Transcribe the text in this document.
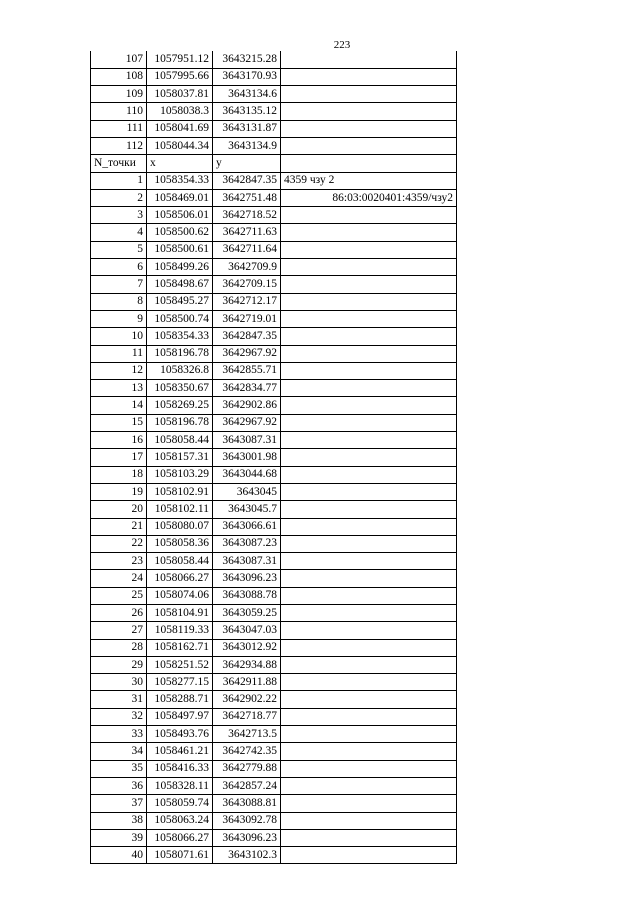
223
107	1057951.12	3643215.28	
108	1057995.66	3643170.93	
109	1058037.81	3643134.6	
110	1058038.3	3643135.12	
111	1058041.69	3643131.87	
112	1058044.34	3643134.9	
N_точки	x	y	
1	1058354.33	3642847.35	4359 чзу 2
2	1058469.01	3642751.48	86:03:0020401:4359/чзу2
3	1058506.01	3642718.52	
4	1058500.62	3642711.63	
5	1058500.61	3642711.64	
6	1058499.26	3642709.9	
7	1058498.67	3642709.15	
8	1058495.27	3642712.17	
9	1058500.74	3642719.01	
10	1058354.33	3642847.35	
11	1058196.78	3642967.92	
12	1058326.8	3642855.71	
13	1058350.67	3642834.77	
14	1058269.25	3642902.86	
15	1058196.78	3642967.92	
16	1058058.44	3643087.31	
17	1058157.31	3643001.98	
18	1058103.29	3643044.68	
19	1058102.91	3643045	
20	1058102.11	3643045.7	
21	1058080.07	3643066.61	
22	1058058.36	3643087.23	
23	1058058.44	3643087.31	
24	1058066.27	3643096.23	
25	1058074.06	3643088.78	
26	1058104.91	3643059.25	
27	1058119.33	3643047.03	
28	1058162.71	3643012.92	
29	1058251.52	3642934.88	
30	1058277.15	3642911.88	
31	1058288.71	3642902.22	
32	1058497.97	3642718.77	
33	1058493.76	3642713.5	
34	1058461.21	3642742.35	
35	1058416.33	3642779.88	
36	1058328.11	3642857.24	
37	1058059.74	3643088.81	
38	1058063.24	3643092.78	
39	1058066.27	3643096.23	
40	1058071.61	3643102.3	
